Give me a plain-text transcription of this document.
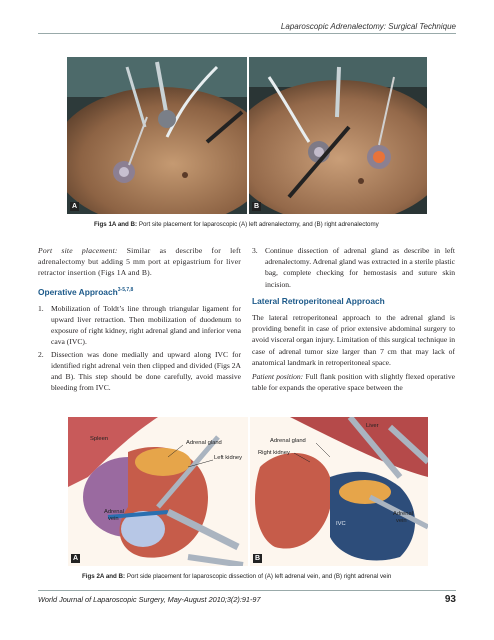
Laparoscopic Adrenalectomy: Surgical Technique
A	B
Figs 1A and B: Port site placement for laparoscopic (A) left adrenalectomy, and (B) right adrenalectomy

Port site placement: Similar as describe for left adrenalectomy but adding 5 mm port at epigastrium for liver retractor insertion (Figs 1A and B).

Operative Approach$^{3-5,7,8}$
1. Mobilization of Toldt’s line through triangular ligament for upward liver retraction. Then mobilization of duodenum to exposure of right kidney, right adrenal gland and inferior vena cava (IVC).
2. Dissection was done medially and upward along IVC for identified right adrenal vein then clipped and divided (Figs 2A and B). This step should be done carefully, avoid massive bleeding from IVC.
3. Continue dissection of adrenal gland as describe in left adrenalectomy. Adrenal gland was extracted in a sterile plastic bag, complete checking for hemostasis and suture skin incision.
Lateral Retroperitoneal Approach

The lateral retroperitoneal approach to the adrenal gland is providing benefit in case of prior extensive abdominal surgery to avoid visceral organ injury. Limitation of this surgical technique in case of adrenal tumor size larger than 7 cm that may lack of anatomical landmark in retroperitoneal space.

Patient position: Full flank position with slightly flexed operative table for expands the operative space between the

Spleen
Adrenal gland
Left kidney
Adrenal vein
A
Liver
Adrenal gland
Right kidney
IVC
Adrenal vein
B
Figs 2A and B: Port side placement for laparoscopic dissection of (A) left adrenal vein, and (B) right adrenal vein
World Journal of Laparoscopic Surgery, May-August 2010;3(2):91-97	93
